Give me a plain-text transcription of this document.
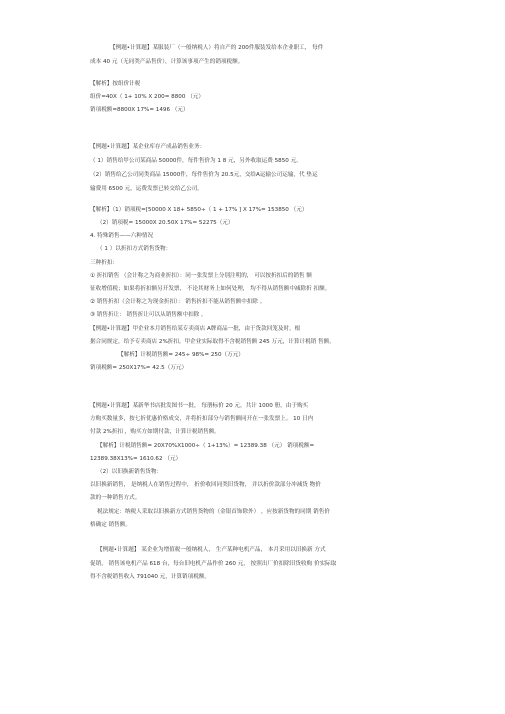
【例题•计算题】某服装厂（一般纳税人）将自产的 200件服装发给本企业职工， 每件
成本 40 元（无同类产品售价），计算该事项产生的销项税额。
【解析】按组价计税
组价=40X（ 1+ 10% X 200= 8800 （元）
销项税额=8800X 17%= 1496 （元）
【例题•计算题】某企业库存产成品销售业务：
（ 1）销售给甲公司某商品 50000件，每件售价为 1 8 元，另外收取运费 5850 元。
（2）销售给乙公司同类商品 15000件，每件售价为 20.5元，交给A运输公司运输，代 垫运
输费用 6500 元，运费发票已转交给乙公司。
【解析】（1）销项税=[50000 X 18+ 5850÷（ 1 + 17% ] X 17%= 153850 （元）
（2）销项税= 15000X 20.50X 17%= 52275（元）
4. 特殊销售——六种情况
（ 1 ）以折扣方式销售货物：
三种折扣：
① 折扣销售 （会计称之为商业折扣）：同一张发票上分别注明的， 可以按折扣后的销售 额
征收增值税；如果将折扣额另开发票， 不论其财务上如何处理， 均不得从销售额中减除折 扣额。
② 销售折扣（会计称之为现金折扣）： 销售折扣不能从销售额中扣除 。
③ 销售折让： 销售折让可以从销售额中扣除 。
【例题•计算题】甲企业本月销售给某专卖商店 A牌商品一批，由于货款回笼及时，根
据合同规定，给予专卖商店 2%折扣，甲企业实际取得不含税销售额 245 万元，计算计税销 售额。
【解析】计税销售额= 245÷ 98%= 250（万元）
销项税额= 250X17%= 42.5（万元）
【例题•计算题】某新华书店批发图书一批， 每册标价 20 元，共计 1000 册，由于购买
方购买数量多，按七折优惠价格成交，并将折扣部分与销售额同开在一张发票上。 10 日内
付款 2%折扣 ，购买方如期付款，计算计税销售额。
【解析】计税销售额= 20X70%X1000÷（ 1+13%）= 12389.38 （元） 销项税额=
12389.38X13%= 1610.62 （元）
（2）以旧换新销售货物：
以旧换新销售， 是纳税人在销售过程中， 折价收回同类旧货物， 并以折价款部分冲减货 物价
款的一种销售方式。
税法规定：纳税人采取以旧换新方式销售货物的（金银首饰除外） ，应按新货物的同期 销售价
格确定 销售额。
【例题•计算题】 某企业为增值税一般纳税人， 生产某种电机产品， 本月采用以旧换新 方式
促销， 销售该电机产品 618 台，每台旧电机产品作价 260 元， 按照出厂价扣除旧货收购 价实际取
得不含税销售收入 791040 元，计算销项税额。
